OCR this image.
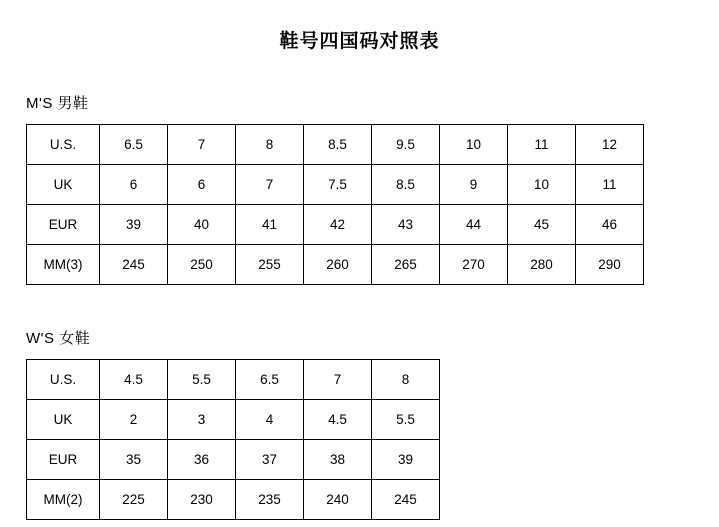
鞋号四国码对照表
M'S 男鞋
U.S.	6.5	7	8	8.5	9.5	10	11	12
UK	6	6	7	7.5	8.5	9	10	11
EUR	39	40	41	42	43	44	45	46
MM(3)	245	250	255	260	265	270	280	290
W'S 女鞋
U.S.	4.5	5.5	6.5	7	8
UK	2	3	4	4.5	5.5
EUR	35	36	37	38	39
MM(2)	225	230	235	240	245
